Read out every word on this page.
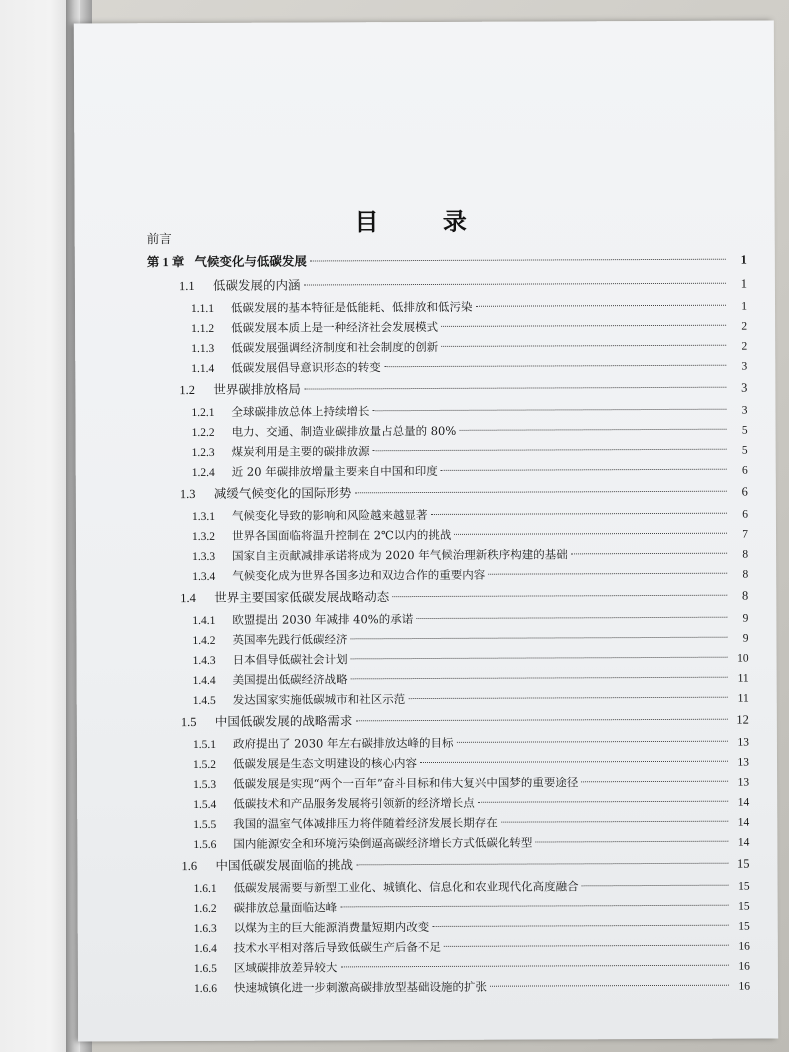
目 录
前言
第 1 章 气候变化与低碳发展	1
1.1	低碳发展的内涵	1
1.1.1	低碳发展的基本特征是低能耗、低排放和低污染	1
1.1.2	低碳发展本质上是一种经济社会发展模式	2
1.1.3	低碳发展强调经济制度和社会制度的创新	2
1.1.4	低碳发展倡导意识形态的转变	3
1.2	世界碳排放格局	3
1.2.1	全球碳排放总体上持续增长	3
1.2.2	电力、交通、制造业碳排放量占总量的 80%	5
1.2.3	煤炭利用是主要的碳排放源	5
1.2.4	近 20 年碳排放增量主要来自中国和印度	6
1.3	减缓气候变化的国际形势	6
1.3.1	气候变化导致的影响和风险越来越显著	6
1.3.2	世界各国面临将温升控制在 2℃以内的挑战	7
1.3.3	国家自主贡献减排承诺将成为 2020 年气候治理新秩序构建的基础	8
1.3.4	气候变化成为世界各国多边和双边合作的重要内容	8
1.4	世界主要国家低碳发展战略动态	8
1.4.1	欧盟提出 2030 年减排 40%的承诺	9
1.4.2	英国率先践行低碳经济	9
1.4.3	日本倡导低碳社会计划	10
1.4.4	美国提出低碳经济战略	11
1.4.5	发达国家实施低碳城市和社区示范	11
1.5	中国低碳发展的战略需求	12
1.5.1	政府提出了 2030 年左右碳排放达峰的目标	13
1.5.2	低碳发展是生态文明建设的核心内容	13
1.5.3	低碳发展是实现“两个一百年”奋斗目标和伟大复兴中国梦的重要途径	13
1.5.4	低碳技术和产品服务发展将引领新的经济增长点	14
1.5.5	我国的温室气体减排压力将伴随着经济发展长期存在	14
1.5.6	国内能源安全和环境污染倒逼高碳经济增长方式低碳化转型	14
1.6	中国低碳发展面临的挑战	15
1.6.1	低碳发展需要与新型工业化、城镇化、信息化和农业现代化高度融合	15
1.6.2	碳排放总量面临达峰	15
1.6.3	以煤为主的巨大能源消费量短期内改变	15
1.6.4	技术水平相对落后导致低碳生产后备不足	16
1.6.5	区域碳排放差异较大	16
1.6.6	快速城镇化进一步刺激高碳排放型基础设施的扩张	16
